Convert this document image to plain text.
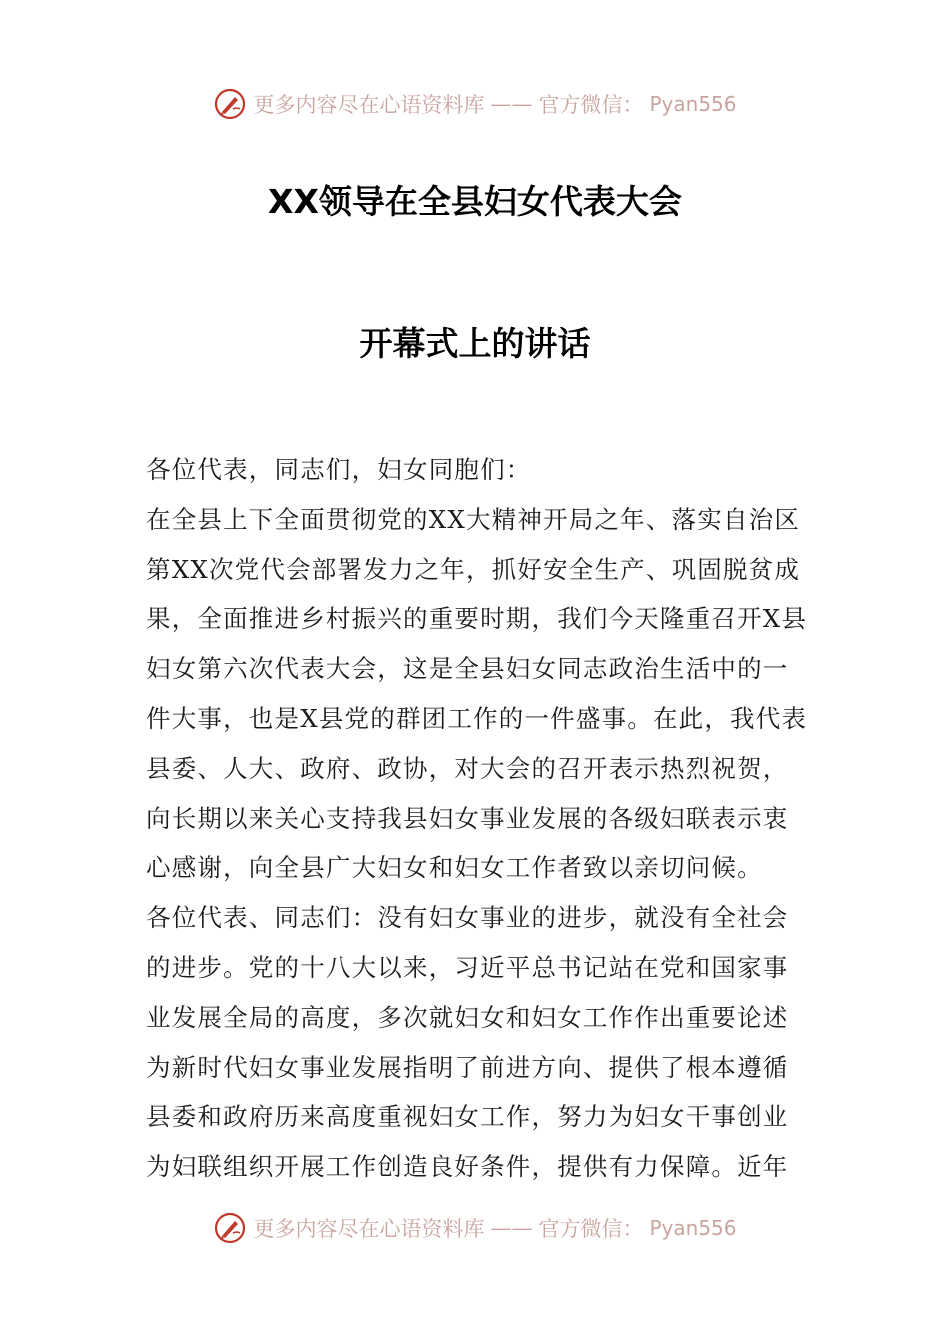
更多内容尽在心语资料库 —— 官方微信： Pyan556
XX领导在全县妇女代表大会
开幕式上的讲话
各位代表，同志们，妇女同胞们：
在全县上下全面贯彻党的XX大精神开局之年、落实自治区
第XX次党代会部署发力之年，抓好安全生产、巩固脱贫成
果，全面推进乡村振兴的重要时期，我们今天隆重召开X县
妇女第六次代表大会，这是全县妇女同志政治生活中的一
件大事，也是X县党的群团工作的一件盛事。在此，我代表
县委、人大、政府、政协，对大会的召开表示热烈祝贺，
向长期以来关心支持我县妇女事业发展的各级妇联表示衷
心感谢，向全县广大妇女和妇女工作者致以亲切问候。
各位代表、同志们：没有妇女事业的进步，就没有全社会
的进步。党的十八大以来，习近平总书记站在党和国家事
业发展全局的高度，多次就妇女和妇女工作作出重要论述
为新时代妇女事业发展指明了前进方向、提供了根本遵循
县委和政府历来高度重视妇女工作，努力为妇女干事创业
为妇联组织开展工作创造良好条件，提供有力保障。近年
更多内容尽在心语资料库 —— 官方微信： Pyan556
